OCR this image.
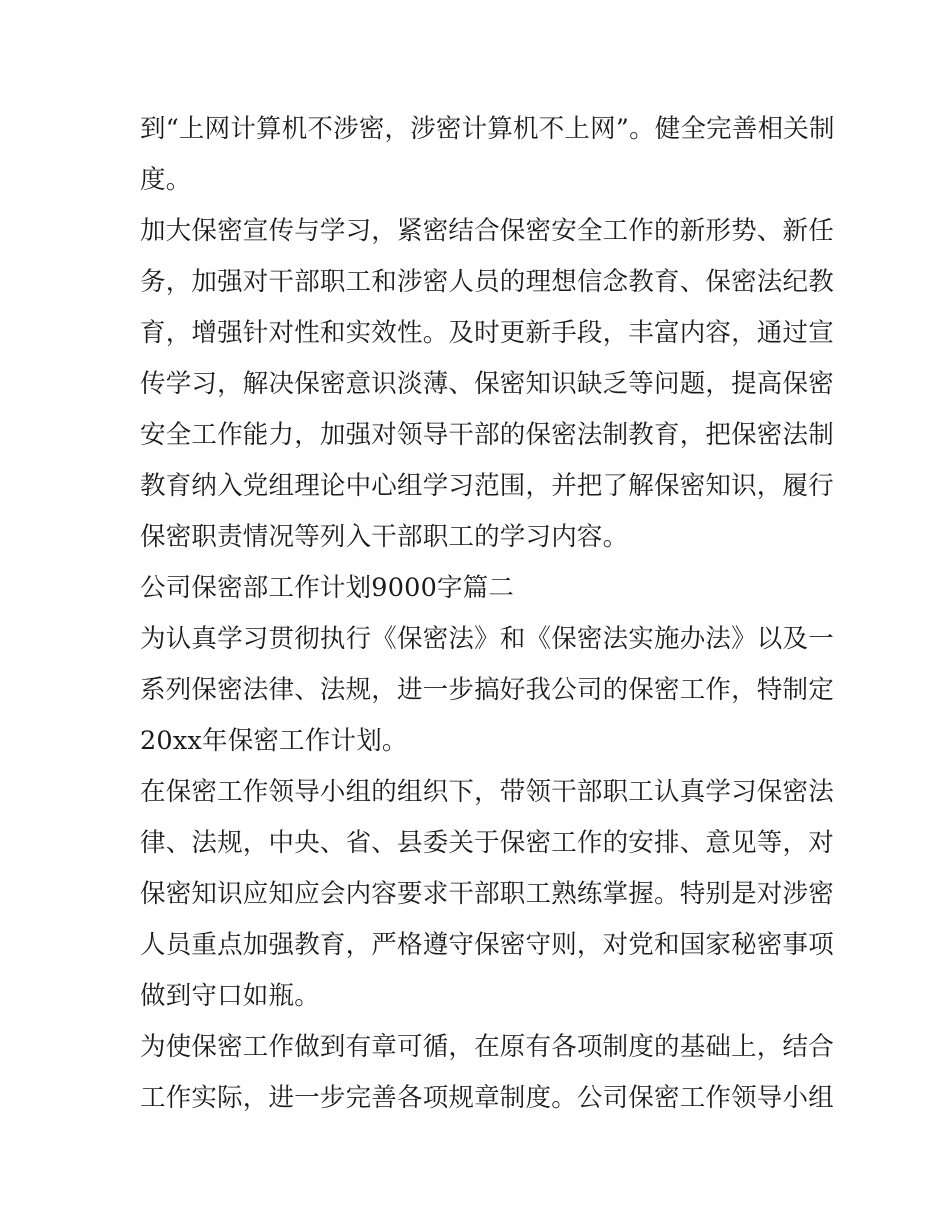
到“上网计算机不涉密，涉密计算机不上网”。健全完善相关制
度。
加大保密宣传与学习，紧密结合保密安全工作的新形势、新任
务，加强对干部职工和涉密人员的理想信念教育、保密法纪教
育，增强针对性和实效性。及时更新手段，丰富内容，通过宣
传学习，解决保密意识淡薄、保密知识缺乏等问题，提高保密
安全工作能力，加强对领导干部的保密法制教育，把保密法制
教育纳入党组理论中心组学习范围，并把了解保密知识，履行
保密职责情况等列入干部职工的学习内容。
公司保密部工作计划9000字篇二
为认真学习贯彻执行《保密法》和《保密法实施办法》以及一
系列保密法律、法规，进一步搞好我公司的保密工作，特制定
20xx年保密工作计划。
在保密工作领导小组的组织下，带领干部职工认真学习保密法
律、法规，中央、省、县委关于保密工作的安排、意见等，对
保密知识应知应会内容要求干部职工熟练掌握。特别是对涉密
人员重点加强教育，严格遵守保密守则，对党和国家秘密事项
做到守口如瓶。
为使保密工作做到有章可循，在原有各项制度的基础上，结合
工作实际，进一步完善各项规章制度。公司保密工作领导小组
